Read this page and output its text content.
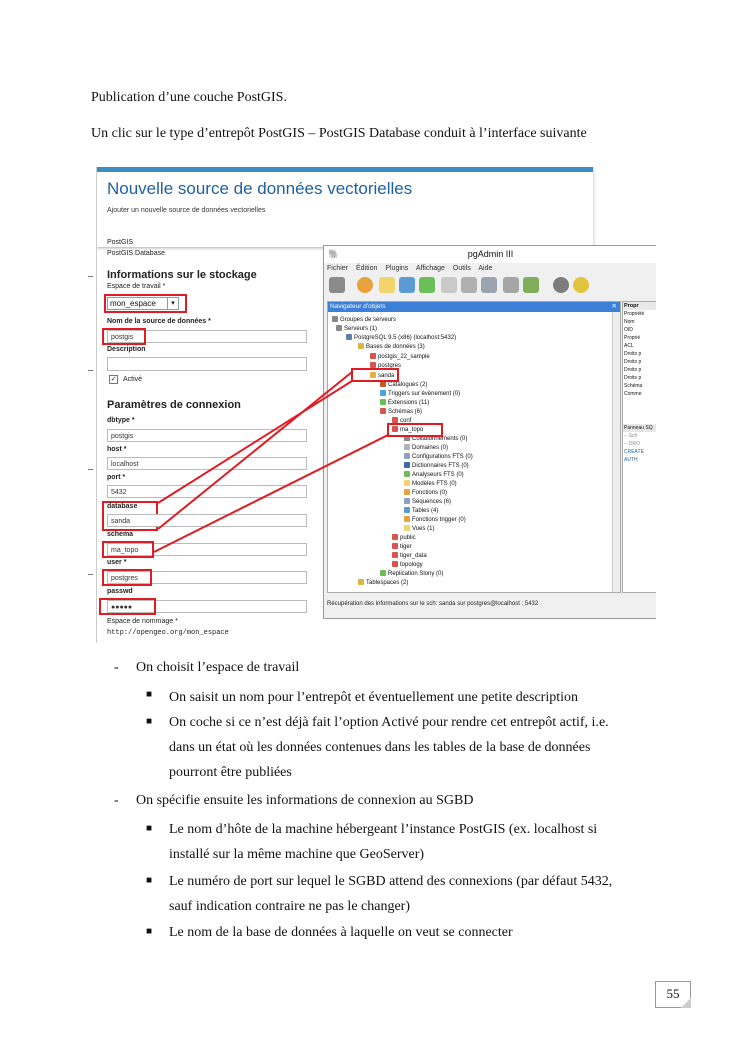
Publication d’une couche PostGIS.
Un clic sur le type d’entrepôt PostGIS – PostGIS Database conduit à l’interface suivante
Nouvelle source de données vectorielles
Ajouter un nouvelle source de données vectorielles
PostGIS
PostGIS Database
Informations sur le stockage
Espace de travail *
mon_espace	▾
Nom de la source de données *
postgis
Description
✓ Activé
Paramètres de connexion
dbtype *
postgis
host *
localhost
port *
5432
database
sanda
schema
ma_topo
user *
postgres
passwd
●●●●●
Espace de nommage *
http://opengeo.org/mon_espace
🐘	pgAdmin III
Fichier Édition Plugins Affichage Outils Aide
Navigateur d'objets	✕
Groupes de serveurs
Serveurs (1)
PostgreSQL 9.5 (x86) (localhost:5432)
Bases de données (3)
postgis_22_sample
postgres
sanda
Catalogues (2)
Triggers sur évènement (0)
Extensions (11)
Schémas (6)
conf
ma_topo
Collationnements (0)
Domaines (0)
Configurations FTS (0)
Dictionnaires FTS (0)
Analyseurs FTS (0)
Modèles FTS (0)
Fonctions (0)
Séquences (6)
Tables (4)
Fonctions trigger (0)
Vues (1)
public
tiger
tiger_data
topology
Replication Slony (0)
Tablespaces (2)
Propr
Propriété
Nom
OID
Proprié
ACL
Droits p
Droits p
Droits p
Droits p
Schéma
Comme
Panneau SQ
-- Sch
-- DRO
CREATE
AUTH
Récupération des informations sur le sch: sanda sur postgres@localhost : 5432
- On choisit l’espace de travail
■ On saisit un nom pour l’entrepôt et éventuellement une petite description
■ On coche si ce n’est déjà fait l’option Activé pour rendre cet entrepôt actif, i.e.
dans un état où les données contenues dans les tables de la base de données
pourront être publiées
- On spécifie ensuite les informations de connexion au SGBD
■ Le nom d’hôte de la machine hébergeant l’instance PostGIS (ex. localhost si
installé sur la même machine que GeoServer)
■ Le numéro de port sur lequel le SGBD attend des connexions (par défaut 5432,
sauf indication contraire ne pas le changer)
■ Le nom de la base de données à laquelle on veut se connecter
55
